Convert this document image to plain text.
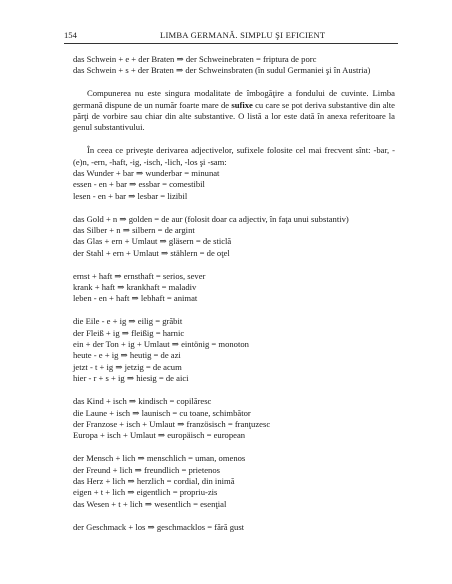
154	LIMBA GERMANĂ. SIMPLU ŞI EFICIENT

das Schwein + e + der Braten ⇒ der Schweinebraten = friptura de porc

das Schwein + s + der Braten ⇒ der Schweinsbraten (în sudul Germaniei şi în Austria)

Compunerea nu este singura modalitate de îmbogăţire a fondului de cuvinte. Limba germană dispune de un număr foarte mare de sufixe cu care se pot deriva substantive din alte părţi de vorbire sau chiar din alte substantive. O listă a lor este dată în anexa referitoare la genul substantivului.

În ceea ce priveşte derivarea adjectivelor, sufixele folosite cel mai frecvent sînt: -bar, -(e)n, -ern, -haft, -ig, -isch, -lich, -los şi -sam:

das Wunder + bar ⇒ wunderbar = minunat

essen - en + bar ⇒ essbar = comestibil

lesen - en + bar ⇒ lesbar = lizibil

das Gold + n ⇒ golden = de aur (folosit doar ca adjectiv, în faţa unui substantiv)

das Silber + n ⇒ silbern = de argint

das Glas + ern + Umlaut ⇒ gläsern = de sticlă

der Stahl + ern + Umlaut ⇒ stählern = de oţel

ernst + haft ⇒ ernsthaft = serios, sever

krank + haft ⇒ krankhaft = maladiv

leben - en + haft ⇒ lebhaft = animat

die Eile - e + ig ⇒ eilig = grăbit

der Fleiß + ig ⇒ fleißig = harnic

ein + der Ton + ig + Umlaut ⇒ eintönig = monoton

heute - e + ig ⇒ heutig = de azi

jetzt - t + ig ⇒ jetzig = de acum

hier - r + s + ig ⇒ hiesig = de aici

das Kind + isch ⇒ kindisch = copilăresc

die Laune + isch ⇒ launisch = cu toane, schimbător

der Franzose + isch + Umlaut ⇒ französisch = franţuzesc

Europa + isch + Umlaut ⇒ europäisch = european

der Mensch + lich ⇒ menschlich = uman, omenos

der Freund + lich ⇒ freundlich = prietenos

das Herz + lich ⇒ herzlich = cordial, din inimă

eigen + t + lich ⇒ eigentlich = propriu-zis

das Wesen + t + lich ⇒ wesentlich = esenţial

der Geschmack + los ⇒ geschmacklos = fără gust
